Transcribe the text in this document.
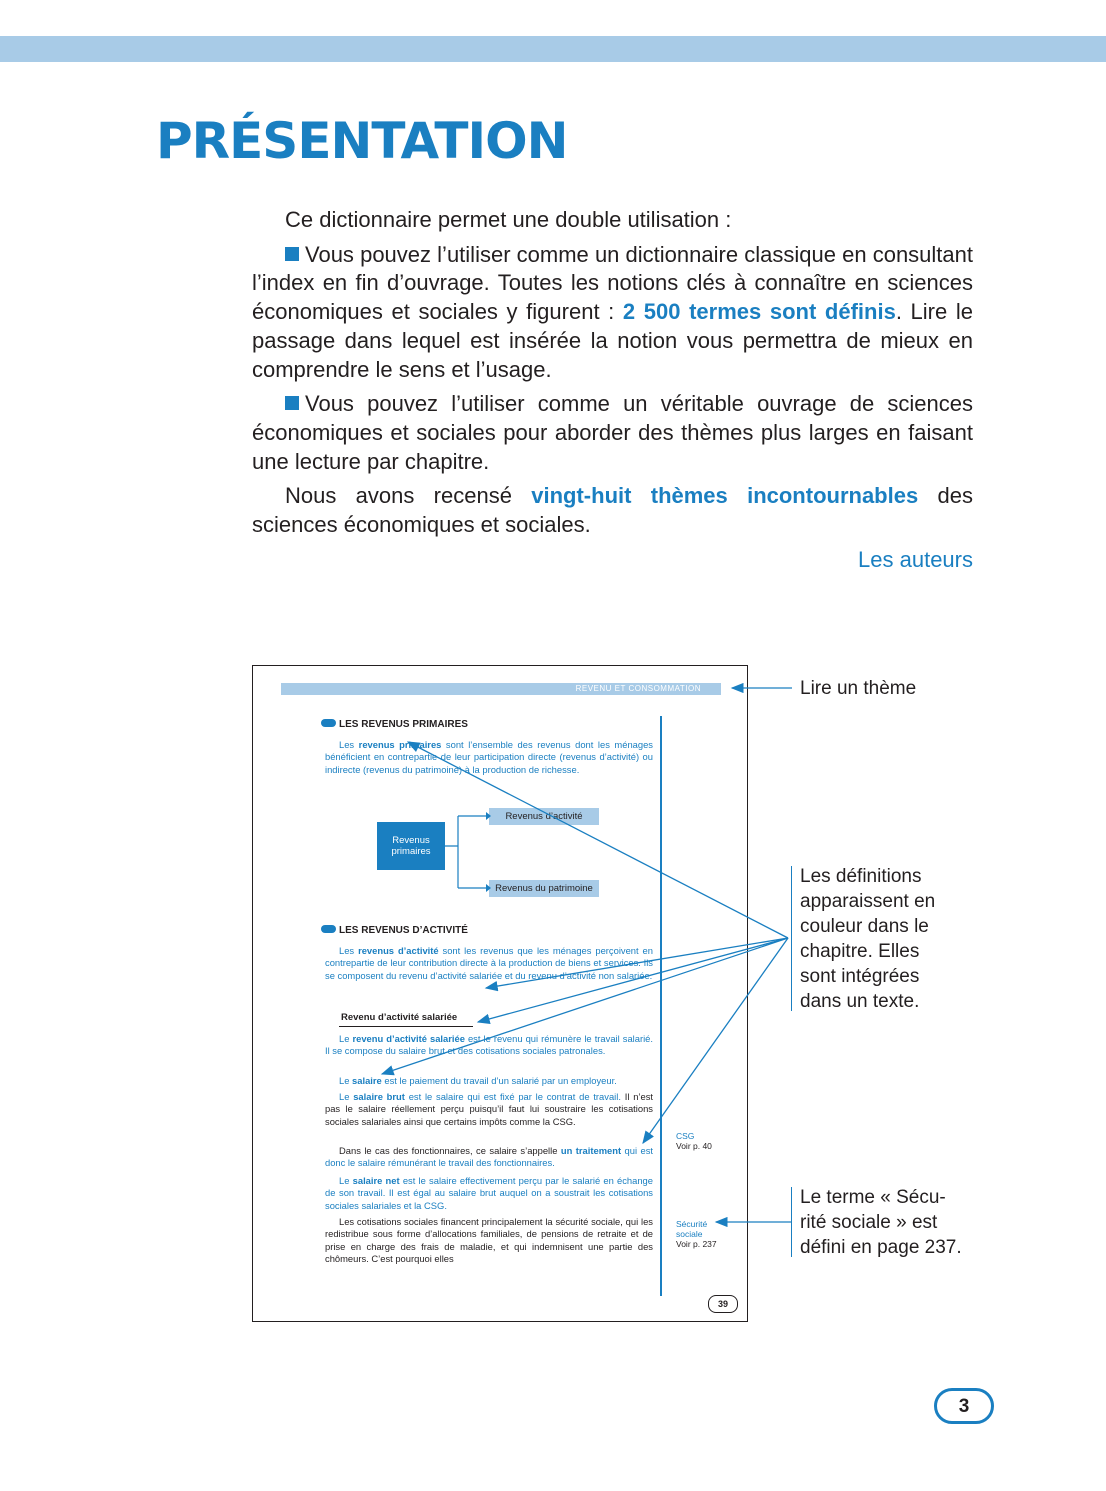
PRÉSENTATION

Ce dictionnaire permet une double utilisation :

Vous pouvez l’utiliser comme un dictionnaire classique en consultant l’index en fin d’ouvrage. Toutes les notions clés à connaître en sciences économiques et sociales y figurent : 2 500 termes sont définis. Lire le passage dans lequel est insérée la notion vous permettra de mieux en comprendre le sens et l’usage.

Vous pouvez l’utiliser comme un véritable ouvrage de sciences économiques et sociales pour aborder des thèmes plus larges en faisant une lecture par chapitre.

Nous avons recensé vingt-huit thèmes incontournables des sciences économiques et sociales.

Les auteurs

REVENU ET CONSOMMATION
LES REVENUS PRIMAIRES
Les revenus primaires sont l’ensemble des revenus dont les ménages bénéficient en contrepartie de leur participation directe (revenus d’activité) ou indirecte (revenus du patrimoine) à la production de richesse.
Revenus primaires
Revenus d’activité
Revenus du patrimoine
LES REVENUS D’ACTIVITÉ
Les revenus d’activité sont les revenus que les ménages perçoivent en contrepartie de leur contribution directe à la production de biens et services. Ils se composent du revenu d’activité salariée et du revenu d’activité non salariée.
Revenu d’activité salariée
Le revenu d’activité salariée est le revenu qui rémunère le travail salarié. Il se compose du salaire brut et des cotisations sociales patronales.
Le salaire est le paiement du travail d’un salarié par un employeur.
Le salaire brut est le salaire qui est fixé par le contrat de travail. Il n’est pas le salaire réellement perçu puisqu’il faut lui soustraire les cotisations sociales salariales ainsi que certains impôts comme la CSG.
Dans le cas des fonctionnaires, ce salaire s’appelle un traitement qui est donc le salaire rémunérant le travail des fonctionnaires.
Le salaire net est le salaire effectivement perçu par le salarié en échange de son travail. Il est égal au salaire brut auquel on a soustrait les cotisations sociales salariales et la CSG.
Les cotisations sociales financent principalement la sécurité sociale, qui les redistribue sous forme d’allocations familiales, de pensions de retraite et de prise en charge des frais de maladie, et qui indemnisent une partie des chômeurs. C’est pourquoi elles
CSG
Voir p. 40
Sécurité
sociale
Voir p. 237
39
Lire un thème
Les définitions
apparaissent en
couleur dans le
chapitre. Elles
sont intégrées
dans un texte.
Le terme « Sécu-
rité sociale » est
défini en page 237.
3
